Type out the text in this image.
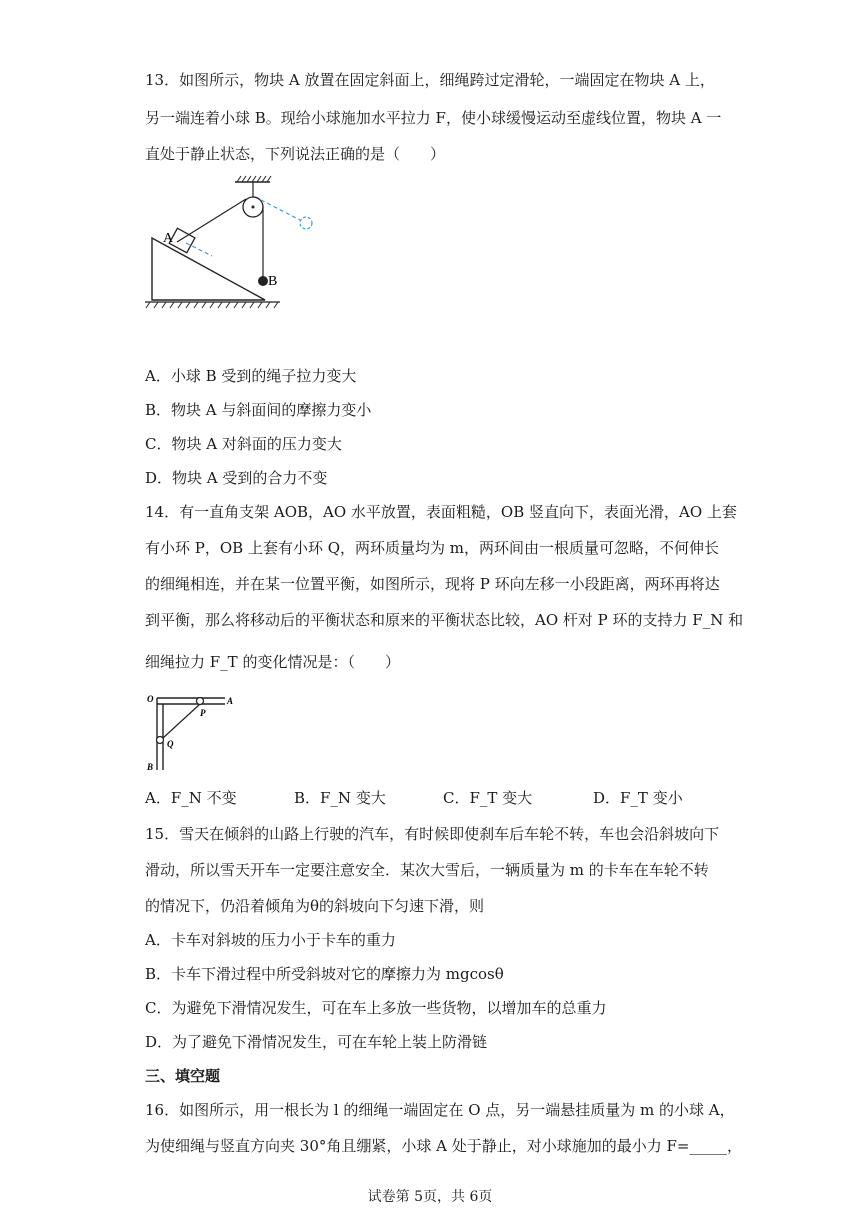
13．如图所示，物块 A 放置在固定斜面上，细绳跨过定滑轮，一端固定在物块 A 上，
另一端连着小球 B。现给小球施加水平拉力 F，使小球缓慢运动至虚线位置，物块 A 一
直处于静止状态，下列说法正确的是（　　）
A
B
A．小球 B 受到的绳子拉力变大
B．物块 A 与斜面间的摩擦力变小
C．物块 A 对斜面的压力变大
D．物块 A 受到的合力不变
14．有一直角支架 AOB，AO 水平放置，表面粗糙，OB 竖直向下，表面光滑，AO 上套
有小环 P，OB 上套有小环 Q，两环质量均为 m，两环间由一根质量可忽略，不何伸长
的细绳相连，并在某一位置平衡，如图所示，现将 P 环向左移一小段距离，两环再将达
到平衡，那么将移动后的平衡状态和原来的平衡状态比较，AO 杆对 P 环的支持力 F_N 和
细绳拉力 F_T 的变化情况是：（　　）
O	A
P
Q
B
A．F_N 不变	B．F_N 变大	C．F_T 变大	D．F_T 变小
15．雪天在倾斜的山路上行驶的汽车，有时候即使刹车后车轮不转，车也会沿斜坡向下
滑动，所以雪天开车一定要注意安全．某次大雪后，一辆质量为 m 的卡车在车轮不转
的情况下，仍沿着倾角为θ的斜坡向下匀速下滑，则
A．卡车对斜坡的压力小于卡车的重力
B．卡车下滑过程中所受斜坡对它的摩擦力为 mgcosθ
C．为避免下滑情况发生，可在车上多放一些货物，以增加车的总重力
D．为了避免下滑情况发生，可在车轮上装上防滑链
三、填空题
16．如图所示，用一根长为 l 的细绳一端固定在 O 点，另一端悬挂质量为 m 的小球 A，
为使细绳与竖直方向夹 30°角且绷紧，小球 A 处于静止，对小球施加的最小力 F=_____，
试卷第 5页，共 6页
